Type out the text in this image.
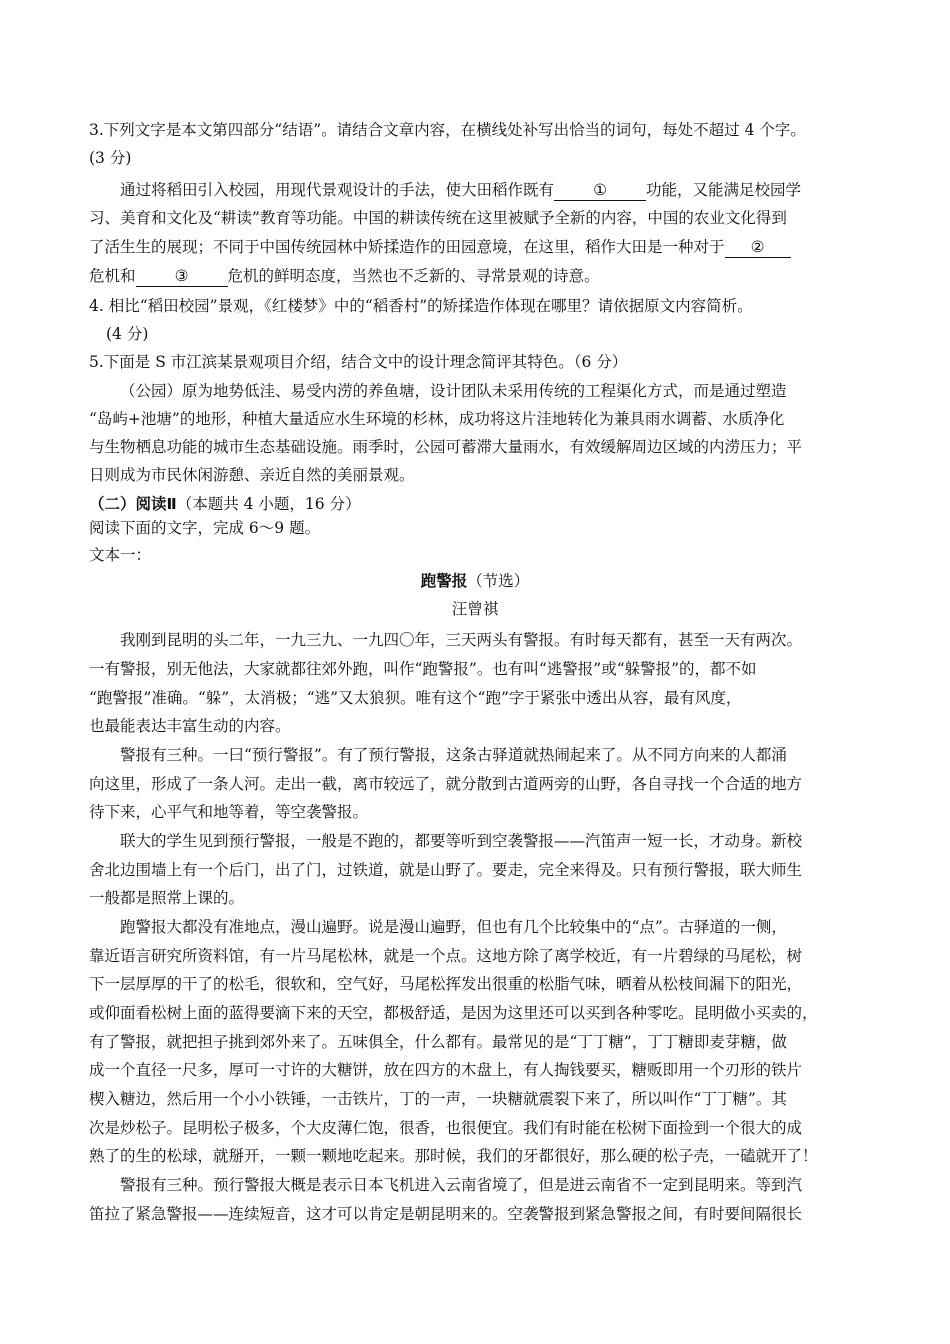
3.下列文字是本文第四部分“结语”。请结合文章内容，在横线处补写出恰当的词句，每处不超过 4 个字。
(3 分)
通过将稻田引入校园，用现代景观设计的手法，使大田稻作既有	①	功能，又能满足校园学
习、美育和文化及“耕读”教育等功能。中国的耕读传统在这里被赋予全新的内容，中国的农业文化得到
了活生生的展现；不同于中国传统园林中矫揉造作的田园意境，在这里，稻作大田是一种对于 ②
危机和	③	危机的鲜明态度，当然也不乏新的、寻常景观的诗意。
4. 相比“稻田校园”景观，《红楼梦》中的“稻香村”的矫揉造作体现在哪里？请依据原文内容简析。
(4 分)
5.下面是 S 市江滨某景观项目介绍，结合文中的设计理念简评其特色。（6 分）
（公园）原为地势低洼、易受内涝的养鱼塘，设计团队未采用传统的工程渠化方式，而是通过塑造
“岛屿+池塘”的地形，种植大量适应水生环境的杉林，成功将这片洼地转化为兼具雨水调蓄、水质净化
与生物栖息功能的城市生态基础设施。雨季时，公园可蓄滞大量雨水，有效缓解周边区域的内涝压力；平
日则成为市民休闲游憩、亲近自然的美丽景观。
（二）阅读Ⅱ（本题共 4 小题，16 分）
阅读下面的文字，完成 6～9 题。
文本一：
跑警报（节选）
汪曾祺
我刚到昆明的头二年，一九三九、一九四〇年，三天两头有警报。有时每天都有，甚至一天有两次。
一有警报，别无他法，大家就都往郊外跑，叫作“跑警报”。也有叫“逃警报”或“躲警报”的，都不如
“跑警报”准确。“躲”，太消极；“逃”又太狼狈。唯有这个“跑”字于紧张中透出从容，最有风度，
也最能表达丰富生动的内容。
警报有三种。一曰“预行警报”。有了预行警报，这条古驿道就热闹起来了。从不同方向来的人都涌
向这里，形成了一条人河。走出一截，离市较远了，就分散到古道两旁的山野，各自寻找一个合适的地方
待下来，心平气和地等着，等空袭警报。
联大的学生见到预行警报，一般是不跑的，都要等听到空袭警报——汽笛声一短一长，才动身。新校
舍北边围墙上有一个后门，出了门，过铁道，就是山野了。要走，完全来得及。只有预行警报，联大师生
一般都是照常上课的。
跑警报大都没有准地点，漫山遍野。说是漫山遍野，但也有几个比较集中的“点”。古驿道的一侧，
靠近语言研究所资料馆，有一片马尾松林，就是一个点。这地方除了离学校近，有一片碧绿的马尾松，树
下一层厚厚的干了的松毛，很软和，空气好，马尾松挥发出很重的松脂气味，晒着从松枝间漏下的阳光，
或仰面看松树上面的蓝得要滴下来的天空，都极舒适，是因为这里还可以买到各种零吃。昆明做小买卖的，
有了警报，就把担子挑到郊外来了。五味俱全，什么都有。最常见的是“丁丁糖”，丁丁糖即麦芽糖，做
成一个直径一尺多，厚可一寸许的大糖饼，放在四方的木盘上，有人掏钱要买，糖贩即用一个刃形的铁片
楔入糖边，然后用一个小小铁锤，一击铁片，丁的一声，一块糖就震裂下来了，所以叫作“丁丁糖”。其
次是炒松子。昆明松子极多，个大皮薄仁饱，很香，也很便宜。我们有时能在松树下面捡到一个很大的成
熟了的生的松球，就掰开，一颗一颗地吃起来。那时候，我们的牙都很好，那么硬的松子壳，一磕就开了！
警报有三种。预行警报大概是表示日本飞机进入云南省境了，但是进云南省不一定到昆明来。等到汽
笛拉了紧急警报——连续短音，这才可以肯定是朝昆明来的。空袭警报到紧急警报之间，有时要间隔很长
